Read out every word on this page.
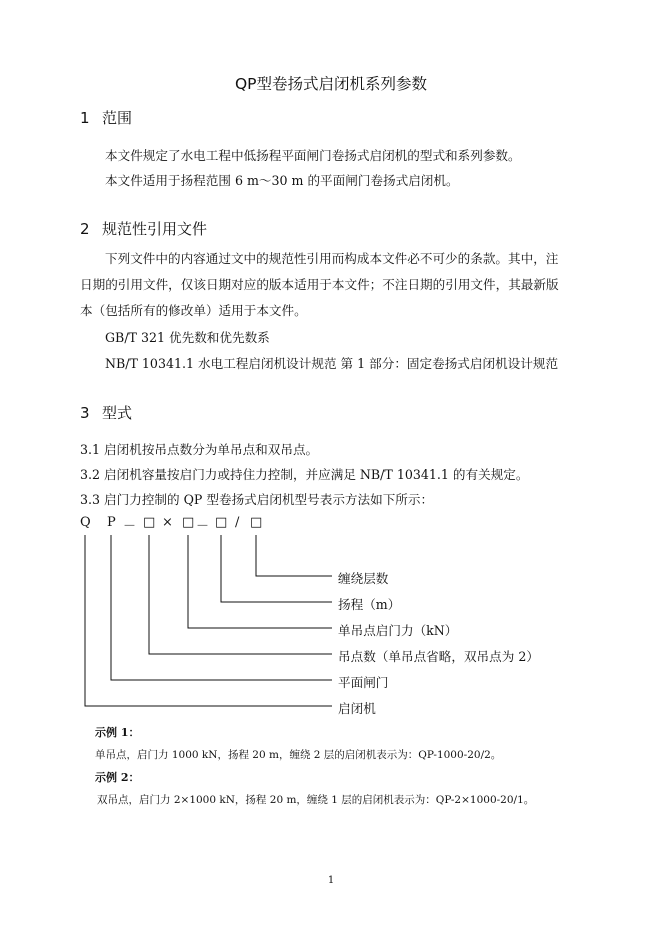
QP型卷扬式启闭机系列参数
1 范围
本文件规定了水电工程中低扬程平面闸门卷扬式启闭机的型式和系列参数。
本文件适用于扬程范围 6 m～30 m 的平面闸门卷扬式启闭机。
2 规范性引用文件
下列文件中的内容通过文中的规范性引用而构成本文件必不可少的条款。其中，注
日期的引用文件，仅该日期对应的版本适用于本文件；不注日期的引用文件，其最新版
本（包括所有的修改单）适用于本文件。
GB/T 321 优先数和优先数系
NB/T 10341.1 水电工程启闭机设计规范 第 1 部分：固定卷扬式启闭机设计规范
3 型式
3.1 启闭机按吊点数分为单吊点和双吊点。
3.2 启闭机容量按启门力或持住力控制，并应满足 NB/T 10341.1 的有关规定。
3.3 启门力控制的 QP 型卷扬式启闭机型号表示方法如下所示：
Q P － □ × □ － □ / □
缠绕层数
扬程（m）
单吊点启门力（kN）
吊点数（单吊点省略，双吊点为 2）
平面闸门
启闭机
示例 1：
单吊点，启门力 1000 kN，扬程 20 m，缠绕 2 层的启闭机表示为：QP-1000-20/2。
示例 2：
双吊点，启门力 2×1000 kN，扬程 20 m，缠绕 1 层的启闭机表示为：QP-2×1000-20/1。
1
